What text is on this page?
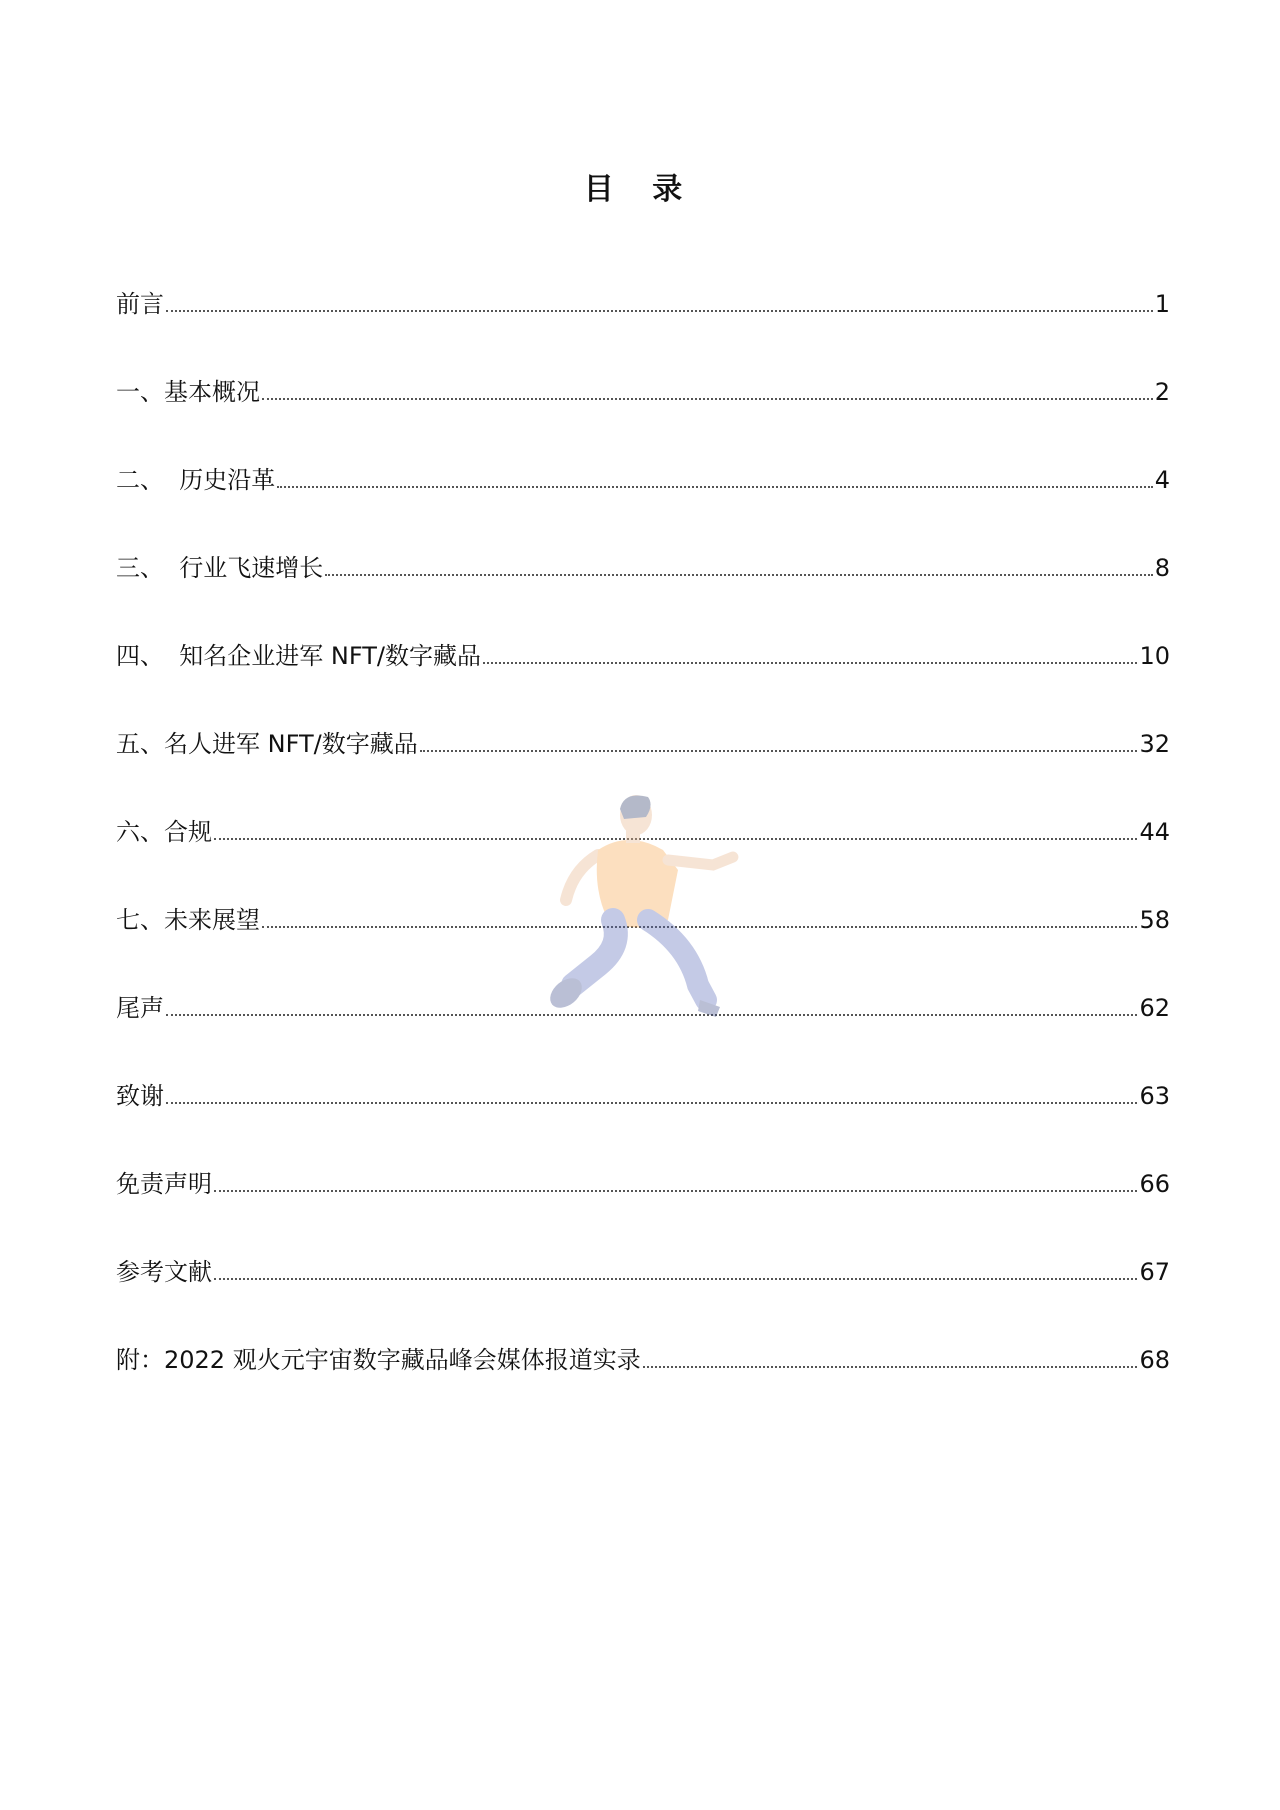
目 录
前言	1
一、基本概况	2
二、  历史沿革	4
三、  行业飞速增长	8
四、  知名企业进军 NFT/数字藏品	10
五、名人进军 NFT/数字藏品	32
六、合规	44
七、未来展望	58
尾声	62
致谢	63
免责声明	66
参考文献	67
附：2022 观火元宇宙数字藏品峰会媒体报道实录	68
